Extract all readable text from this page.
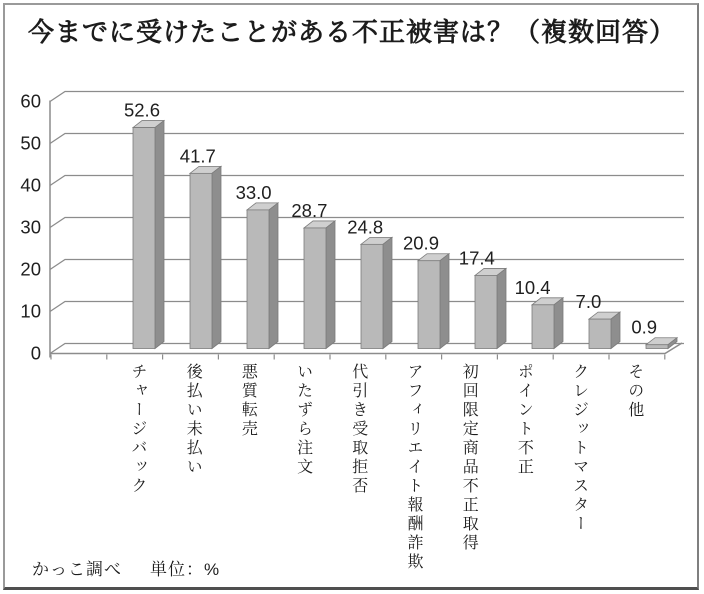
今までに受けたことがある不正被害は？（複数回答）
0
10
20
30
40
50
60	52.6
41.7
33.0
28.7
24.8
20.9
17.4
10.4
7.0
0.9
チャージバック 後払い未払い 悪質転売 いたずら注文 代引き受取拒否 アフィリエイト報酬詐欺 初回限定商品不正取得 ポイント不正 クレジットマスター その他
かっこ調べ 単位：%
